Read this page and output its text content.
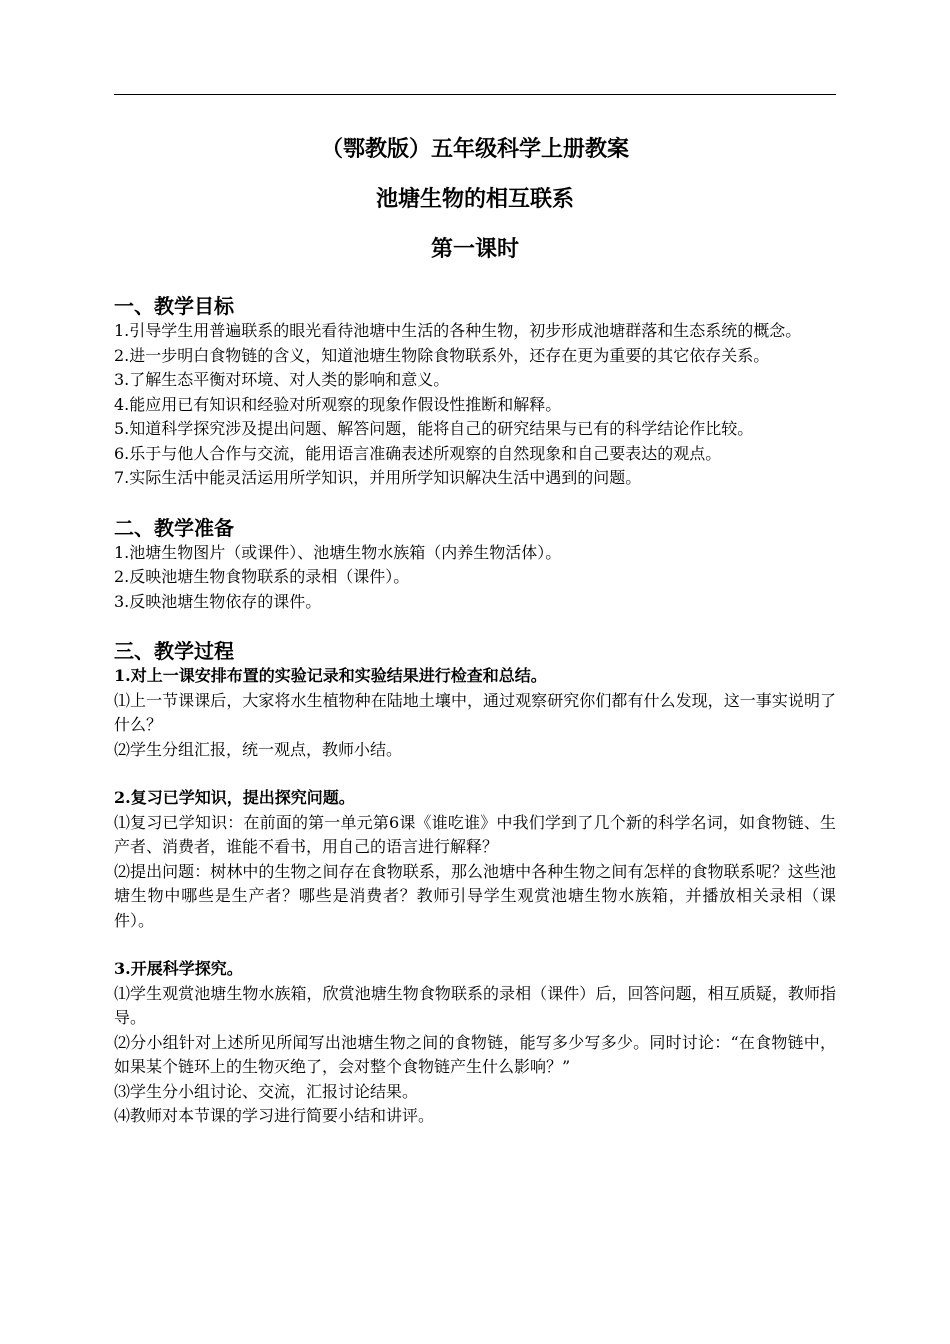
（鄂教版）五年级科学上册教案
池塘生物的相互联系
第一课时
一、教学目标
1.引导学生用普遍联系的眼光看待池塘中生活的各种生物，初步形成池塘群落和生态系统的概念。
2.进一步明白食物链的含义，知道池塘生物除食物联系外，还存在更为重要的其它依存关系。
3.了解生态平衡对环境、对人类的影响和意义。
4.能应用已有知识和经验对所观察的现象作假设性推断和解释。
5.知道科学探究涉及提出问题、解答问题，能将自己的研究结果与已有的科学结论作比较。
6.乐于与他人合作与交流，能用语言准确表述所观察的自然现象和自己要表达的观点。
7.实际生活中能灵活运用所学知识，并用所学知识解决生活中遇到的问题。
二、教学准备
1.池塘生物图片（或课件）、池塘生物水族箱（内养生物活体）。
2.反映池塘生物食物联系的录相（课件）。
3.反映池塘生物依存的课件。
三、教学过程
1.对上一课安排布置的实验记录和实验结果进行检查和总结。
⑴上一节课课后，大家将水生植物种在陆地土壤中，通过观察研究你们都有什么发现，这一事实说明了什么？
⑵学生分组汇报，统一观点，教师小结。
2.复习已学知识，提出探究问题。
⑴复习已学知识：在前面的第一单元第6课《谁吃谁》中我们学到了几个新的科学名词，如食物链、生产者、消费者，谁能不看书，用自己的语言进行解释？
⑵提出问题：树林中的生物之间存在食物联系，那么池塘中各种生物之间有怎样的食物联系呢？这些池塘生物中哪些是生产者？哪些是消费者？教师引导学生观赏池塘生物水族箱，并播放相关录相（课件）。
3.开展科学探究。
⑴学生观赏池塘生物水族箱，欣赏池塘生物食物联系的录相（课件）后，回答问题，相互质疑，教师指导。
⑵分小组针对上述所见所闻写出池塘生物之间的食物链，能写多少写多少。同时讨论：“在食物链中，如果某个链环上的生物灭绝了，会对整个食物链产生什么影响？”
⑶学生分小组讨论、交流，汇报讨论结果。
⑷教师对本节课的学习进行简要小结和讲评。
